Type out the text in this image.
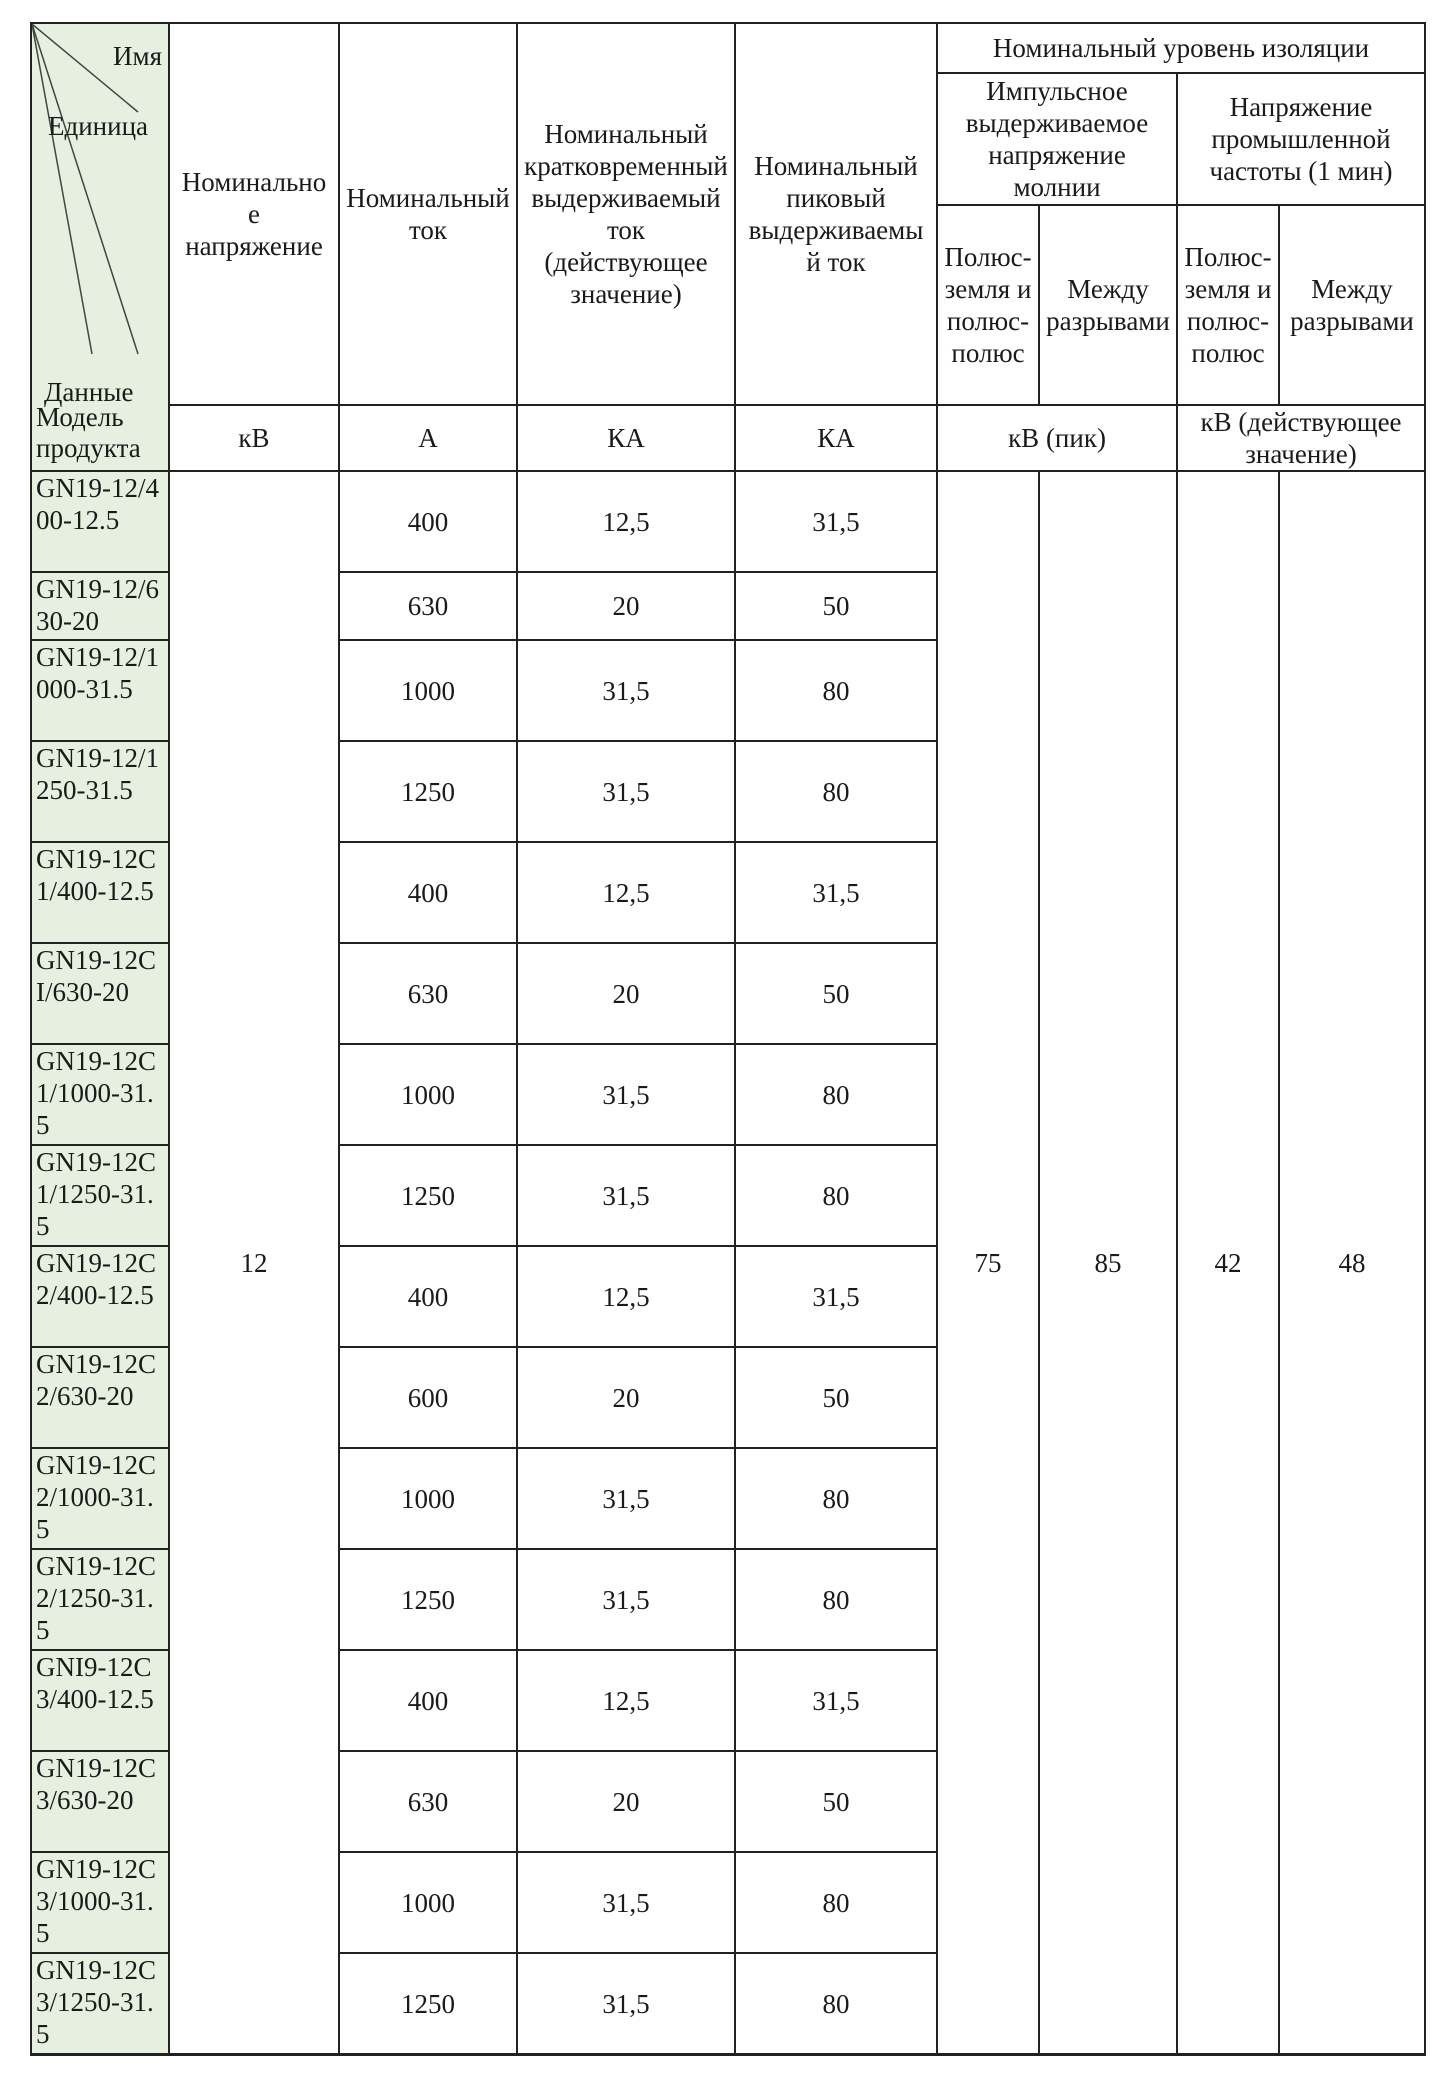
Имя
Единица
Данные	Номинальное напряжение	Номинальный ток	Номинальный кратковременный выдерживаемый ток (действующее значение)	Номинальный пиковый выдерживаемый ток	Номинальный уровень изоляции			
					Импульсное выдерживаемое напряжение молнии		Напряжение промышленной частоты (1 мин)	
					Полюс-земля и полюс-полюс	Между разрывами	Полюс-земля и полюс-полюс	Между разрывами
	кВ	А	КА	КА	кВ (пик)		кВ (действующее значение)	
GN19-12/400-12.5	12	400	12,5	31,5	75	85	42	48
GN19-12/630-20		630	20	50				
GN19-12/1000-31.5		1000	31,5	80				
GN19-12/1250-31.5		1250	31,5	80				
GN19-12C1/400-12.5		400	12,5	31,5				
GN19-12CI/630-20		630	20	50				
GN19-12C1/1000-31.5		1000	31,5	80				
GN19-12C1/1250-31.5		1250	31,5	80				
GN19-12C2/400-12.5		400	12,5	31,5				
GN19-12C2/630-20		600	20	50				
GN19-12C2/1000-31.5		1000	31,5	80				
GN19-12C2/1250-31.5		1250	31,5	80				
GNI9-12C3/400-12.5		400	12,5	31,5				
GN19-12C3/630-20		630	20	50				
GN19-12C3/1000-31.5		1000	31,5	80				
GN19-12C3/1250-31.5		1250	31,5	80				
Модель продукта
